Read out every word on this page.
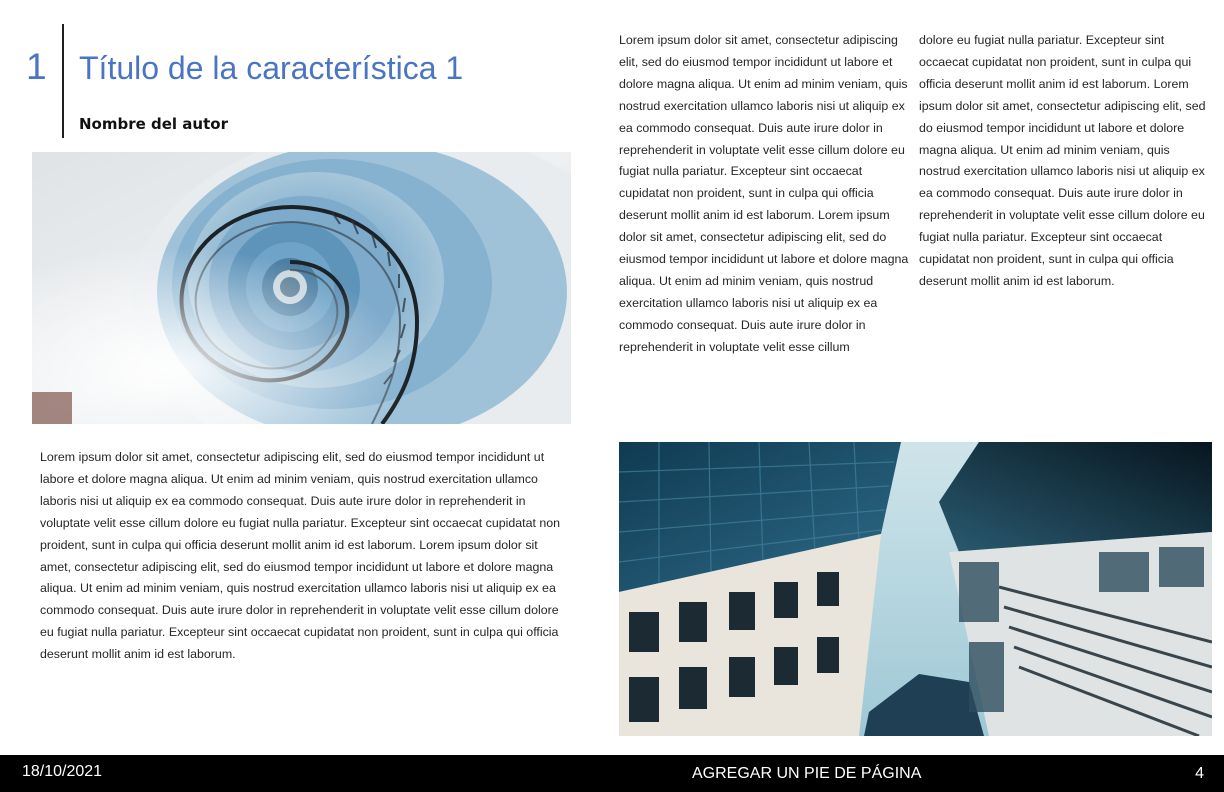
1 Título de la característica 1
Nombre del autor

Lorem ipsum dolor sit amet, consectetur adipiscing elit, sed do eiusmod tempor incididunt ut labore et dolore magna aliqua. Ut enim ad minim veniam, quis nostrud exercitation ullamco laboris nisi ut aliquip ex ea commodo consequat. Duis aute irure dolor in reprehenderit in voluptate velit esse cillum dolore eu fugiat nulla pariatur. Excepteur sint occaecat cupidatat non proident, sunt in culpa qui officia deserunt mollit anim id est laborum. Lorem ipsum dolor sit amet, consectetur adipiscing elit, sed do eiusmod tempor incididunt ut labore et dolore magna aliqua. Ut enim ad minim veniam, quis nostrud exercitation ullamco laboris nisi ut aliquip ex ea commodo consequat. Duis aute irure dolor in reprehenderit in voluptate velit esse cillum

dolore eu fugiat nulla pariatur. Excepteur sint occaecat cupidatat non proident, sunt in culpa qui officia deserunt mollit anim id est laborum. Lorem ipsum dolor sit amet, consectetur adipiscing elit, sed do eiusmod tempor incididunt ut labore et dolore magna aliqua. Ut enim ad minim veniam, quis nostrud exercitation ullamco laboris nisi ut aliquip ex ea commodo consequat. Duis aute irure dolor in reprehenderit in voluptate velit esse cillum dolore eu fugiat nulla pariatur. Excepteur sint occaecat cupidatat non proident, sunt in culpa qui officia deserunt mollit anim id est laborum.

Lorem ipsum dolor sit amet, consectetur adipiscing elit, sed do eiusmod tempor incididunt ut labore et dolore magna aliqua. Ut enim ad minim veniam, quis nostrud exercitation ullamco laboris nisi ut aliquip ex ea commodo consequat. Duis aute irure dolor in reprehenderit in voluptate velit esse cillum dolore eu fugiat nulla pariatur. Excepteur sint occaecat cupidatat non proident, sunt in culpa qui officia deserunt mollit anim id est laborum. Lorem ipsum dolor sit amet, consectetur adipiscing elit, sed do eiusmod tempor incididunt ut labore et dolore magna aliqua. Ut enim ad minim veniam, quis nostrud exercitation ullamco laboris nisi ut aliquip ex ea commodo consequat. Duis aute irure dolor in reprehenderit in voluptate velit esse cillum dolore eu fugiat nulla pariatur. Excepteur sint occaecat cupidatat non proident, sunt in culpa qui officia deserunt mollit anim id est laborum.

18/10/2021	AGREGAR UN PIE DE PÁGINA	4
